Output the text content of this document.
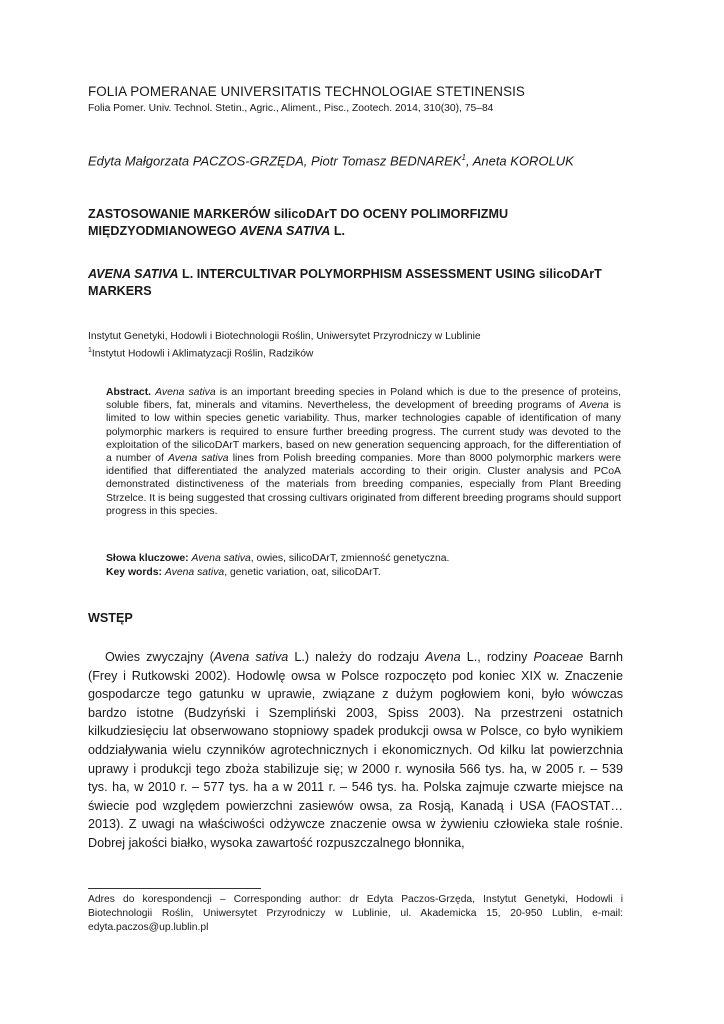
FOLIA POMERANAE UNIVERSITATIS TECHNOLOGIAE STETINENSIS
Folia Pomer. Univ. Technol. Stetin., Agric., Aliment., Pisc., Zootech. 2014, 310(30), 75–84
Edyta Małgorzata PACZOS-GRZĘDA, Piotr Tomasz BEDNAREK$^1$, Aneta KOROLUK
ZASTOSOWANIE MARKERÓW silicoDArT DO OCENY POLIMORFIZMU MIĘDZYODMIANOWEGO AVENA SATIVA L.
AVENA SATIVA L. INTERCULTIVAR POLYMORPHISM ASSESSMENT USING silicoDArT MARKERS
Instytut Genetyki, Hodowli i Biotechnologii Roślin, Uniwersytet Przyrodniczy w Lublinie
$^1$Instytut Hodowli i Aklimatyzacji Roślin, Radzików
Abstract. Avena sativa is an important breeding species in Poland which is due to the presence of proteins, soluble fibers, fat, minerals and vitamins. Nevertheless, the development of breeding programs of Avena is limited to low within species genetic variability. Thus, marker technologies capable of identification of many polymorphic markers is required to ensure further breeding progress. The current study was devoted to the exploitation of the silicoDArT markers, based on new generation sequencing approach, for the differentiation of a number of Avena sativa lines from Polish breeding companies. More than 8000 polymorphic markers were identified that differentiated the analyzed materials according to their origin. Cluster analysis and PCoA demonstrated distinctiveness of the materials from breeding companies, especially from Plant Breeding Strzelce. It is being suggested that crossing cultivars originated from different breeding programs should support progress in this species.
Słowa kluczowe: Avena sativa, owies, silicoDArT, zmienność genetyczna.
Key words: Avena sativa, genetic variation, oat, silicoDArT.
WSTĘP
Owies zwyczajny (Avena sativa L.) należy do rodzaju Avena L., rodziny Poaceae Barnh (Frey i Rutkowski 2002). Hodowlę owsa w Polsce rozpoczęto pod koniec XIX w. Znaczenie gospodarcze tego gatunku w uprawie, związane z dużym pogłowiem koni, było wówczas bardzo istotne (Budzyński i Szempliński 2003, Spiss 2003). Na przestrzeni ostatnich kilkudziesięciu lat obserwowano stopniowy spadek produkcji owsa w Polsce, co było wynikiem oddziaływania wielu czynników agrotechnicznych i ekonomicznych. Od kilku lat powierzchnia uprawy i produkcji tego zboża stabilizuje się; w 2000 r. wynosiła 566 tys. ha, w 2005 r. – 539 tys. ha, w 2010 r. – 577 tys. ha a w 2011 r. – 546 tys. ha. Polska zajmuje czwarte miejsce na świecie pod względem powierzchni zasiewów owsa, za Rosją, Kanadą i USA (FAOSTAT… 2013). Z uwagi na właściwości odżywcze znaczenie owsa w żywieniu człowieka stale rośnie. Dobrej jakości białko, wysoka zawartość rozpuszczalnego błonnika,
Adres do korespondencji – Corresponding author: dr Edyta Paczos-Grzęda, Instytut Genetyki, Hodowli i Biotechnologii Roślin, Uniwersytet Przyrodniczy w Lublinie, ul. Akademicka 15, 20-950 Lublin, e-mail: edyta.paczos@up.lublin.pl
